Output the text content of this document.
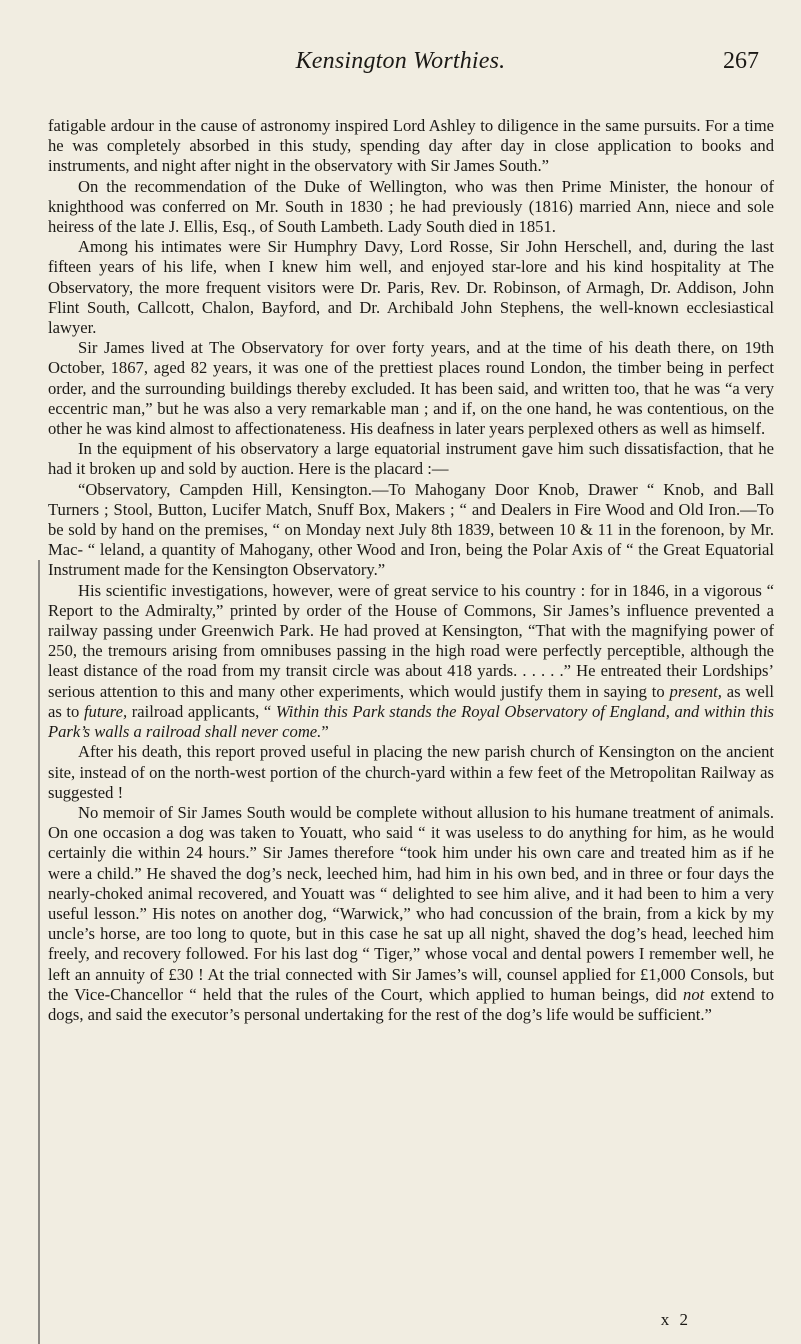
Kensington Worthies.	267

fatigable ardour in the cause of astronomy inspired Lord Ashley to diligence in the same pursuits. For a time he was completely absorbed in this study, spending day after day in close application to books and instruments, and night after night in the observatory with Sir James South.”

On the recommendation of the Duke of Wellington, who was then Prime Minister, the honour of knighthood was conferred on Mr. South in 1830 ; he had previously (1816) married Ann, niece and sole heiress of the late J. Ellis, Esq., of South Lambeth. Lady South died in 1851.

Among his intimates were Sir Humphry Davy, Lord Rosse, Sir John Herschell, and, during the last fifteen years of his life, when I knew him well, and enjoyed star-lore and his kind hospitality at The Observatory, the more frequent visitors were Dr. Paris, Rev. Dr. Robinson, of Armagh, Dr. Addison, John Flint South, Callcott, Chalon, Bayford, and Dr. Archibald John Stephens, the well-known ecclesiastical lawyer.

Sir James lived at The Observatory for over forty years, and at the time of his death there, on 19th October, 1867, aged 82 years, it was one of the prettiest places round London, the timber being in perfect order, and the surrounding buildings thereby excluded. It has been said, and written too, that he was “a very eccentric man,” but he was also a very remarkable man ; and if, on the one hand, he was contentious, on the other he was kind almost to affectionateness. His deafness in later years perplexed others as well as himself.

In the equipment of his observatory a large equatorial instrument gave him such dissatisfaction, that he had it broken up and sold by auction. Here is the placard :—

“Observatory, Campden Hill, Kensington.—To Mahogany Door Knob, Drawer “ Knob, and Ball Turners ; Stool, Button, Lucifer Match, Snuff Box, Makers ; “ and Dealers in Fire Wood and Old Iron.—To be sold by hand on the premises, “ on Monday next July 8th 1839, between 10 & 11 in the forenoon, by Mr. Mac- “ leland, a quantity of Mahogany, other Wood and Iron, being the Polar Axis of “ the Great Equatorial Instrument made for the Kensington Observatory.”

His scientific investigations, however, were of great service to his country : for in 1846, in a vigorous “ Report to the Admiralty,” printed by order of the House of Commons, Sir James’s influence prevented a railway passing under Greenwich Park. He had proved at Kensington, “That with the magnifying power of 250, the tremours arising from omnibuses passing in the high road were perfectly perceptible, although the least distance of the road from my transit circle was about 418 yards. . . . . .” He entreated their Lordships’ serious attention to this and many other experiments, which would justify them in saying to present, as well as to future, railroad applicants, “ Within this Park stands the Royal Observatory of England, and within this Park’s walls a railroad shall never come.”

After his death, this report proved useful in placing the new parish church of Kensington on the ancient site, instead of on the north-west portion of the church-yard within a few feet of the Metropolitan Railway as suggested !

No memoir of Sir James South would be complete without allusion to his humane treatment of animals. On one occasion a dog was taken to Youatt, who said “ it was useless to do anything for him, as he would certainly die within 24 hours.” Sir James therefore “took him under his own care and treated him as if he were a child.” He shaved the dog’s neck, leeched him, had him in his own bed, and in three or four days the nearly-choked animal recovered, and Youatt was “ delighted to see him alive, and it had been to him a very useful lesson.” His notes on another dog, “Warwick,” who had concussion of the brain, from a kick by my uncle’s horse, are too long to quote, but in this case he sat up all night, shaved the dog’s head, leeched him freely, and recovery followed. For his last dog “ Tiger,” whose vocal and dental powers I remember well, he left an annuity of £30 ! At the trial connected with Sir James’s will, counsel applied for £1,000 Consols, but the Vice-Chancellor “ held that the rules of the Court, which applied to human beings, did not extend to dogs, and said the executor’s personal undertaking for the rest of the dog’s life would be sufficient.”

x 2
